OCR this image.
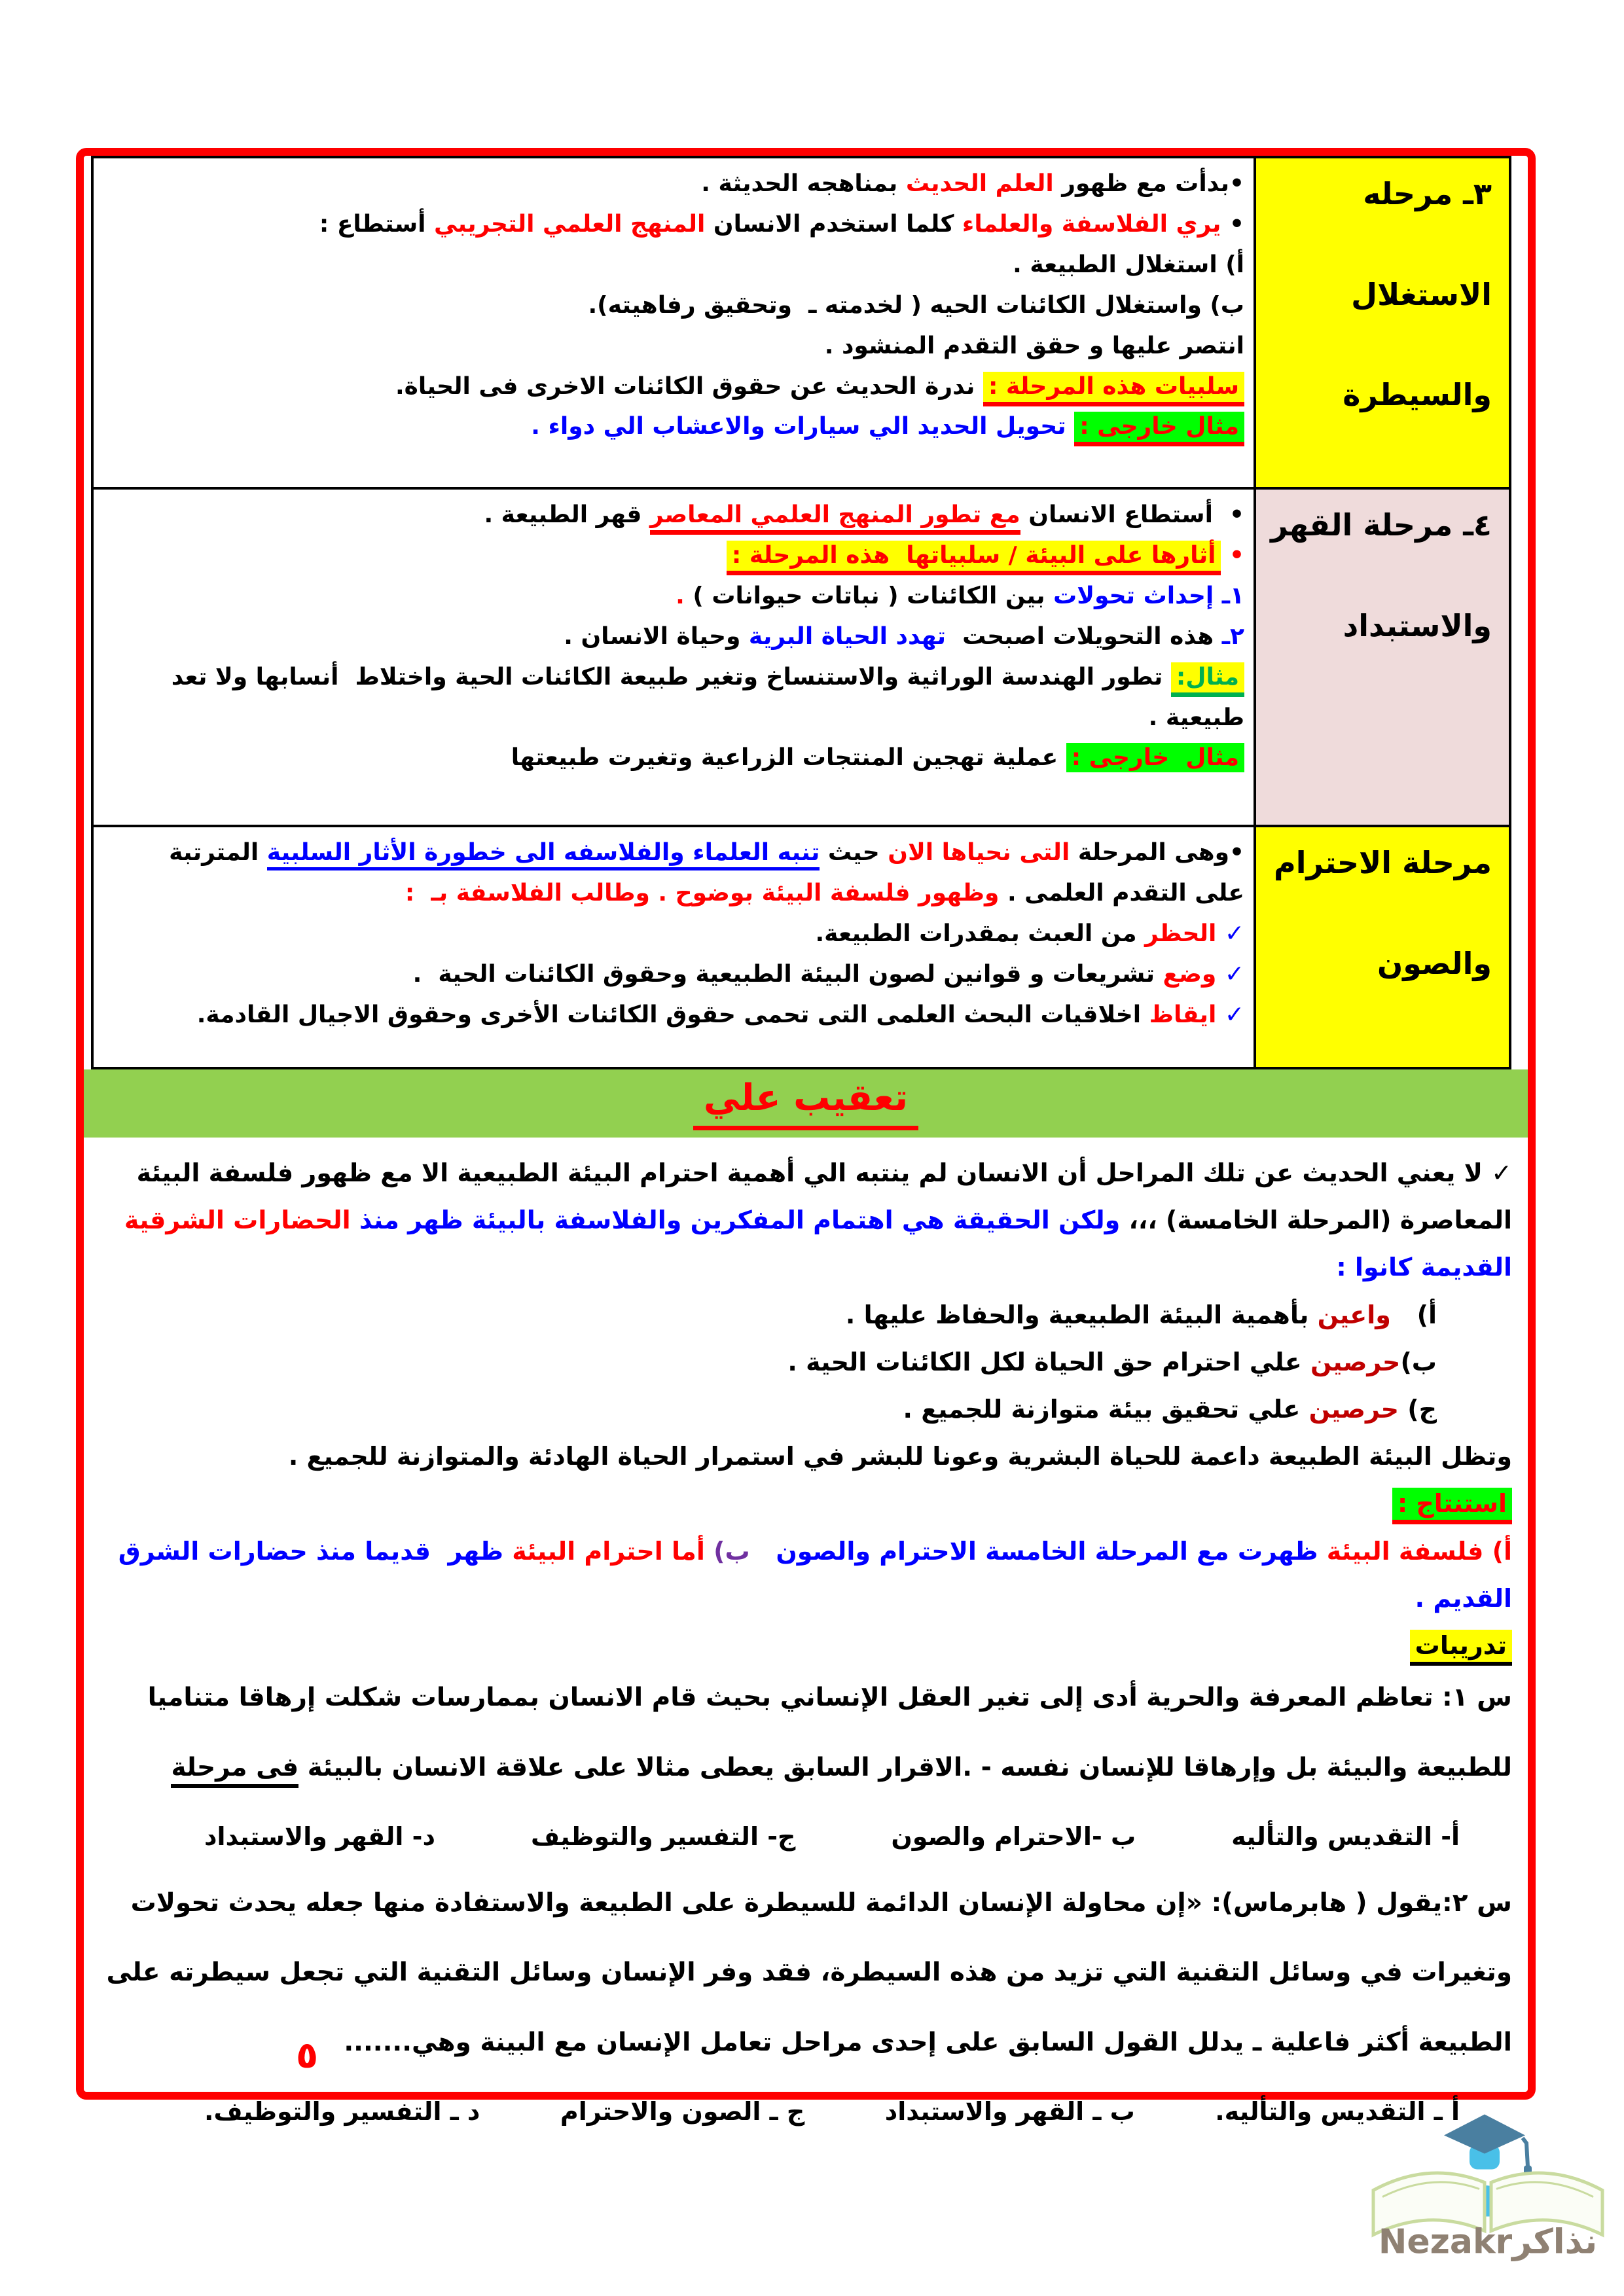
٣ـ مرحله
الاستغلال
والسيطرة

•بدأت مع ظهور العلم الحديث بمناهجه الحديثة .
• يري الفلاسفة والعلماء كلما استخدم الانسان المنهج العلمي التجريبي أستطاع :
أ) استغلال الطبيعة .
ب) واستغلال الكائنات الحيه ( لخدمته ـ  وتحقيق رفاهيته).
انتصر عليها و حقق التقدم المنشود .
سلبيات هذه المرحلة : ندرة الحديث عن حقوق الكائنات الاخرى فى الحياة.
مثال خارجى : تحويل الحديد الي سيارات والاعشاب الي دواء .

٤ـ مرحلة القهر
والاستبداد

•  أستطاع الانسان مع تطور المنهج العلمي المعاصر قهر الطبيعة .
• أثارها على البيئة / سلبياتها  هذه المرحلة :
١ـ إحداث تحولات بين الكائنات ( نباتات حيوانات ) .
٢ـ هذه التحويلات اصبحت  تهدد الحياة البرية وحياة الانسان .
مثال: تطور الهندسة الوراثية والاستنساخ وتغير طبيعة الكائنات الحية واختلاط  أنسابها ولا تعد
طبيعية .
مثال  خارجى : عملية تهجين المنتجات الزراعية وتغيرت طبيعتها

مرحلة الاحترام
والصون

•وهى المرحلة التى نحياها الان حيث تنبه العلماء والفلاسفه الى خطورة الأثار السلبية المترتبة
على التقدم العلمى . وظهور فلسفة البيئة بوضوح . وطالب الفلاسفة بـ  :
✓ الحظر من العبث بمقدرات الطبيعة.
✓ وضع تشريعات و قوانين لصون البيئة الطبيعية وحقوق الكائنات الحية  .
✓ ايقاظ اخلاقيات البحث العلمى التى تحمى حقوق الكائنات الأخرى وحقوق الاجيال القادمة.
تعقيب علي
✓ لا يعني الحديث عن تلك المراحل أن الانسان لم ينتبه الي أهمية احترام البيئة الطبيعية الا مع ظهور فلسفة البيئة
المعاصرة (المرحلة الخامسة) ،،، ولكن الحقيقة هي اهتمام المفكرين والفلاسفة بالبيئة ظهر منذ الحضارات الشرقية
القديمة كانوا :
أ)   واعين بأهمية البيئة الطبيعية والحفاظ عليها .
ب)حرصين علي احترام حق الحياة لكل الكائنات الحية .
ج) حرصين علي تحقيق بيئة متوازنة للجميع .
وتظل البيئة الطبيعة داعمة للحياة البشرية وعونا للبشر في استمرار الحياة الهادئة والمتوازنة للجميع .
استنتاج :
أ) فلسفة البيئة ظهرت مع المرحلة الخامسة الاحترام والصون   ب) أما احترام البيئة ظهر  قديما منذ حضارات الشرق
القديم .
تدريبات
س ١: تعاظم المعرفة والحرية أدى إلى تغير العقل الإنساني بحيث قام الانسان بممارسات شكلت إرهاقا متناميا
للطبيعة والبيئة بل وإرهاقا للإنسان نفسه - .الاقرار السابق يعطى مثالا على علاقة الانسان بالبيئة فى مرحلة
أ- التقديس والتأليه
ب -الاحترام والصون
ج- التفسير والتوظيف
د- القهر والاستبداد
س ٢:يقول ( هابرماس): «إن محاولة الإنسان الدائمة للسيطرة على الطبيعة والاستفادة منها جعله يحدث تحولات
وتغيرات في وسائل التقنية التي تزيد من هذه السيطرة، فقد وفر الإنسان وسائل التقنية التي تجعل سيطرته على
الطبيعة أكثر فاعلية ـ يدلل القول السابق على إحدى مراحل تعامل الإنسان مع البينة وهي.......
أ ـ التقديس والتأليه.
ب ـ القهر والاستبداد
ج ـ الصون والاحترام
د ـ التفسير والتوظيف.
٥
Nezakrنذاكر
